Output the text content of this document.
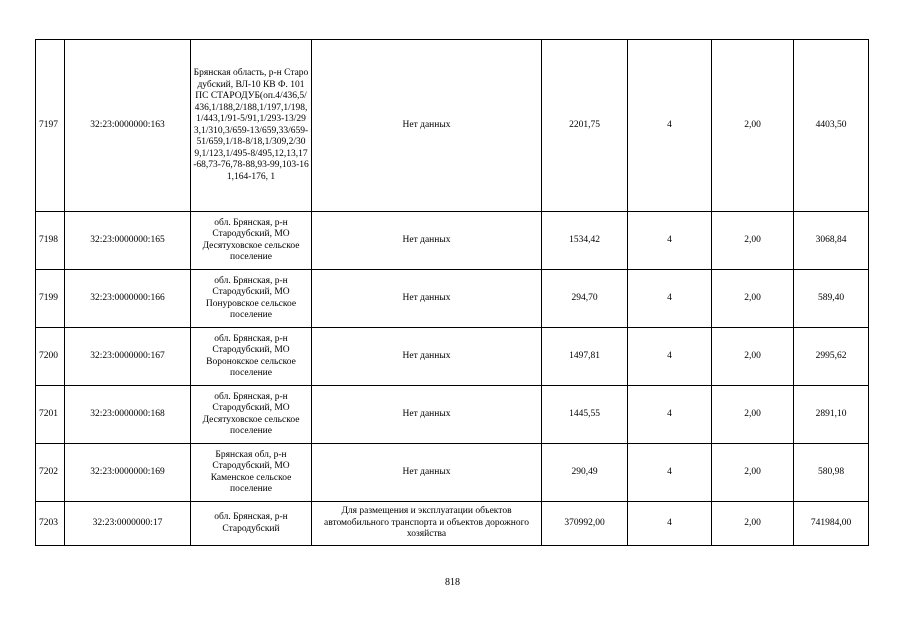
7197	32:23:0000000:163	Брянская область, р-н Стародубский, ВЛ-10 КВ Ф. 101 ПС СТАРОДУБ(оп.4/436,5/436,1/188,2/188,1/197,1/198,1/443,1/91-5/91,1/293-13/293,1/310,3/659-13/659,33/659-51/659,1/18-8/18,1/309,2/309,1/123,1/495-8/495,12,13,17-68,73-76,78-88,93-99,103-161,164-176, 1	Нет данных	2201,75	4	2,00	4403,50
7198	32:23:0000000:165	обл. Брянская, р-н Стародубский, МО Десятуховское сельское поселение	Нет данных	1534,42	4	2,00	3068,84
7199	32:23:0000000:166	обл. Брянская, р-н Стародубский, МО Понуровское сельское поселение	Нет данных	294,70	4	2,00	589,40
7200	32:23:0000000:167	обл. Брянская, р-н Стародубский, МО Воронокское сельское поселение	Нет данных	1497,81	4	2,00	2995,62
7201	32:23:0000000:168	обл. Брянская, р-н Стародубский, МО Десятуховское сельское поселение	Нет данных	1445,55	4	2,00	2891,10
7202	32:23:0000000:169	Брянская обл, р-н Стародубский, МО Каменское сельское поселение	Нет данных	290,49	4	2,00	580,98
7203	32:23:0000000:17	обл. Брянская, р-н Стародубский	Для размещения и эксплуатации объектов автомобильного транспорта и объектов дорожного хозяйства	370992,00	4	2,00	741984,00
818
